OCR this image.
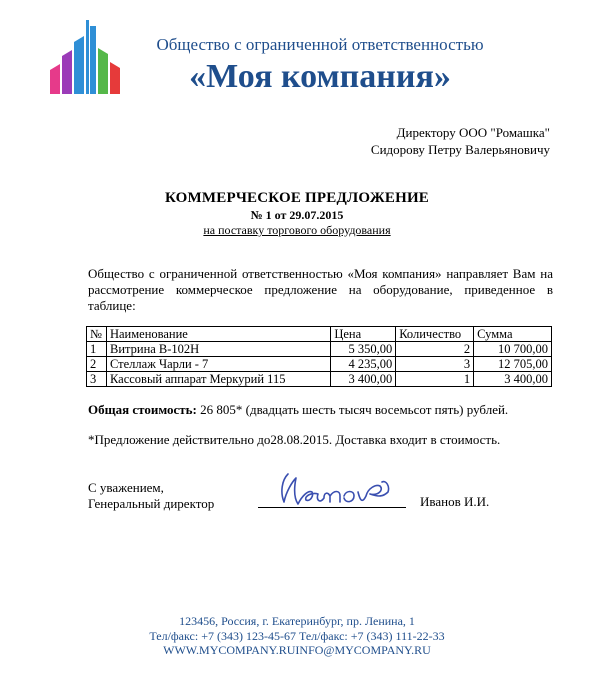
Общество с ограниченной ответственностью
«Моя компания»
Директору ООО "Ромашка"
Сидорову Петру Валерьяновичу
КОММЕРЧЕСКОЕ ПРЕДЛОЖЕНИЕ
№ 1 от 29.07.2015
на поставку торгового оборудования
Общество с ограниченной ответственностью «Моя компания» направляет Вам на рассмотрение коммерческое предложение на оборудование, приведенное в таблице:
№	Наименование	Цена	Количество	Сумма
1	Витрина В-102Н	5 350,00	2	10 700,00
2	Стеллаж Чарли - 7	4 235,00	3	12 705,00
3	Кассовый аппарат Меркурий 115	3 400,00	1	3 400,00
Общая стоимость: 26 805* (двадцать шесть тысяч восемьсот пять) рублей.
*Предложение действительно до28.08.2015. Доставка входит в стоимость.
С уважением,
Генеральный директор	Иванов И.И.
123456, Россия, г. Екатеринбург, пр. Ленина, 1
Тел/факс: +7 (343) 123-45-67 Тел/факс: +7 (343) 111-22-33
WWW.MYCOMPANY.RUINFO@MYCOMPANY.RU
